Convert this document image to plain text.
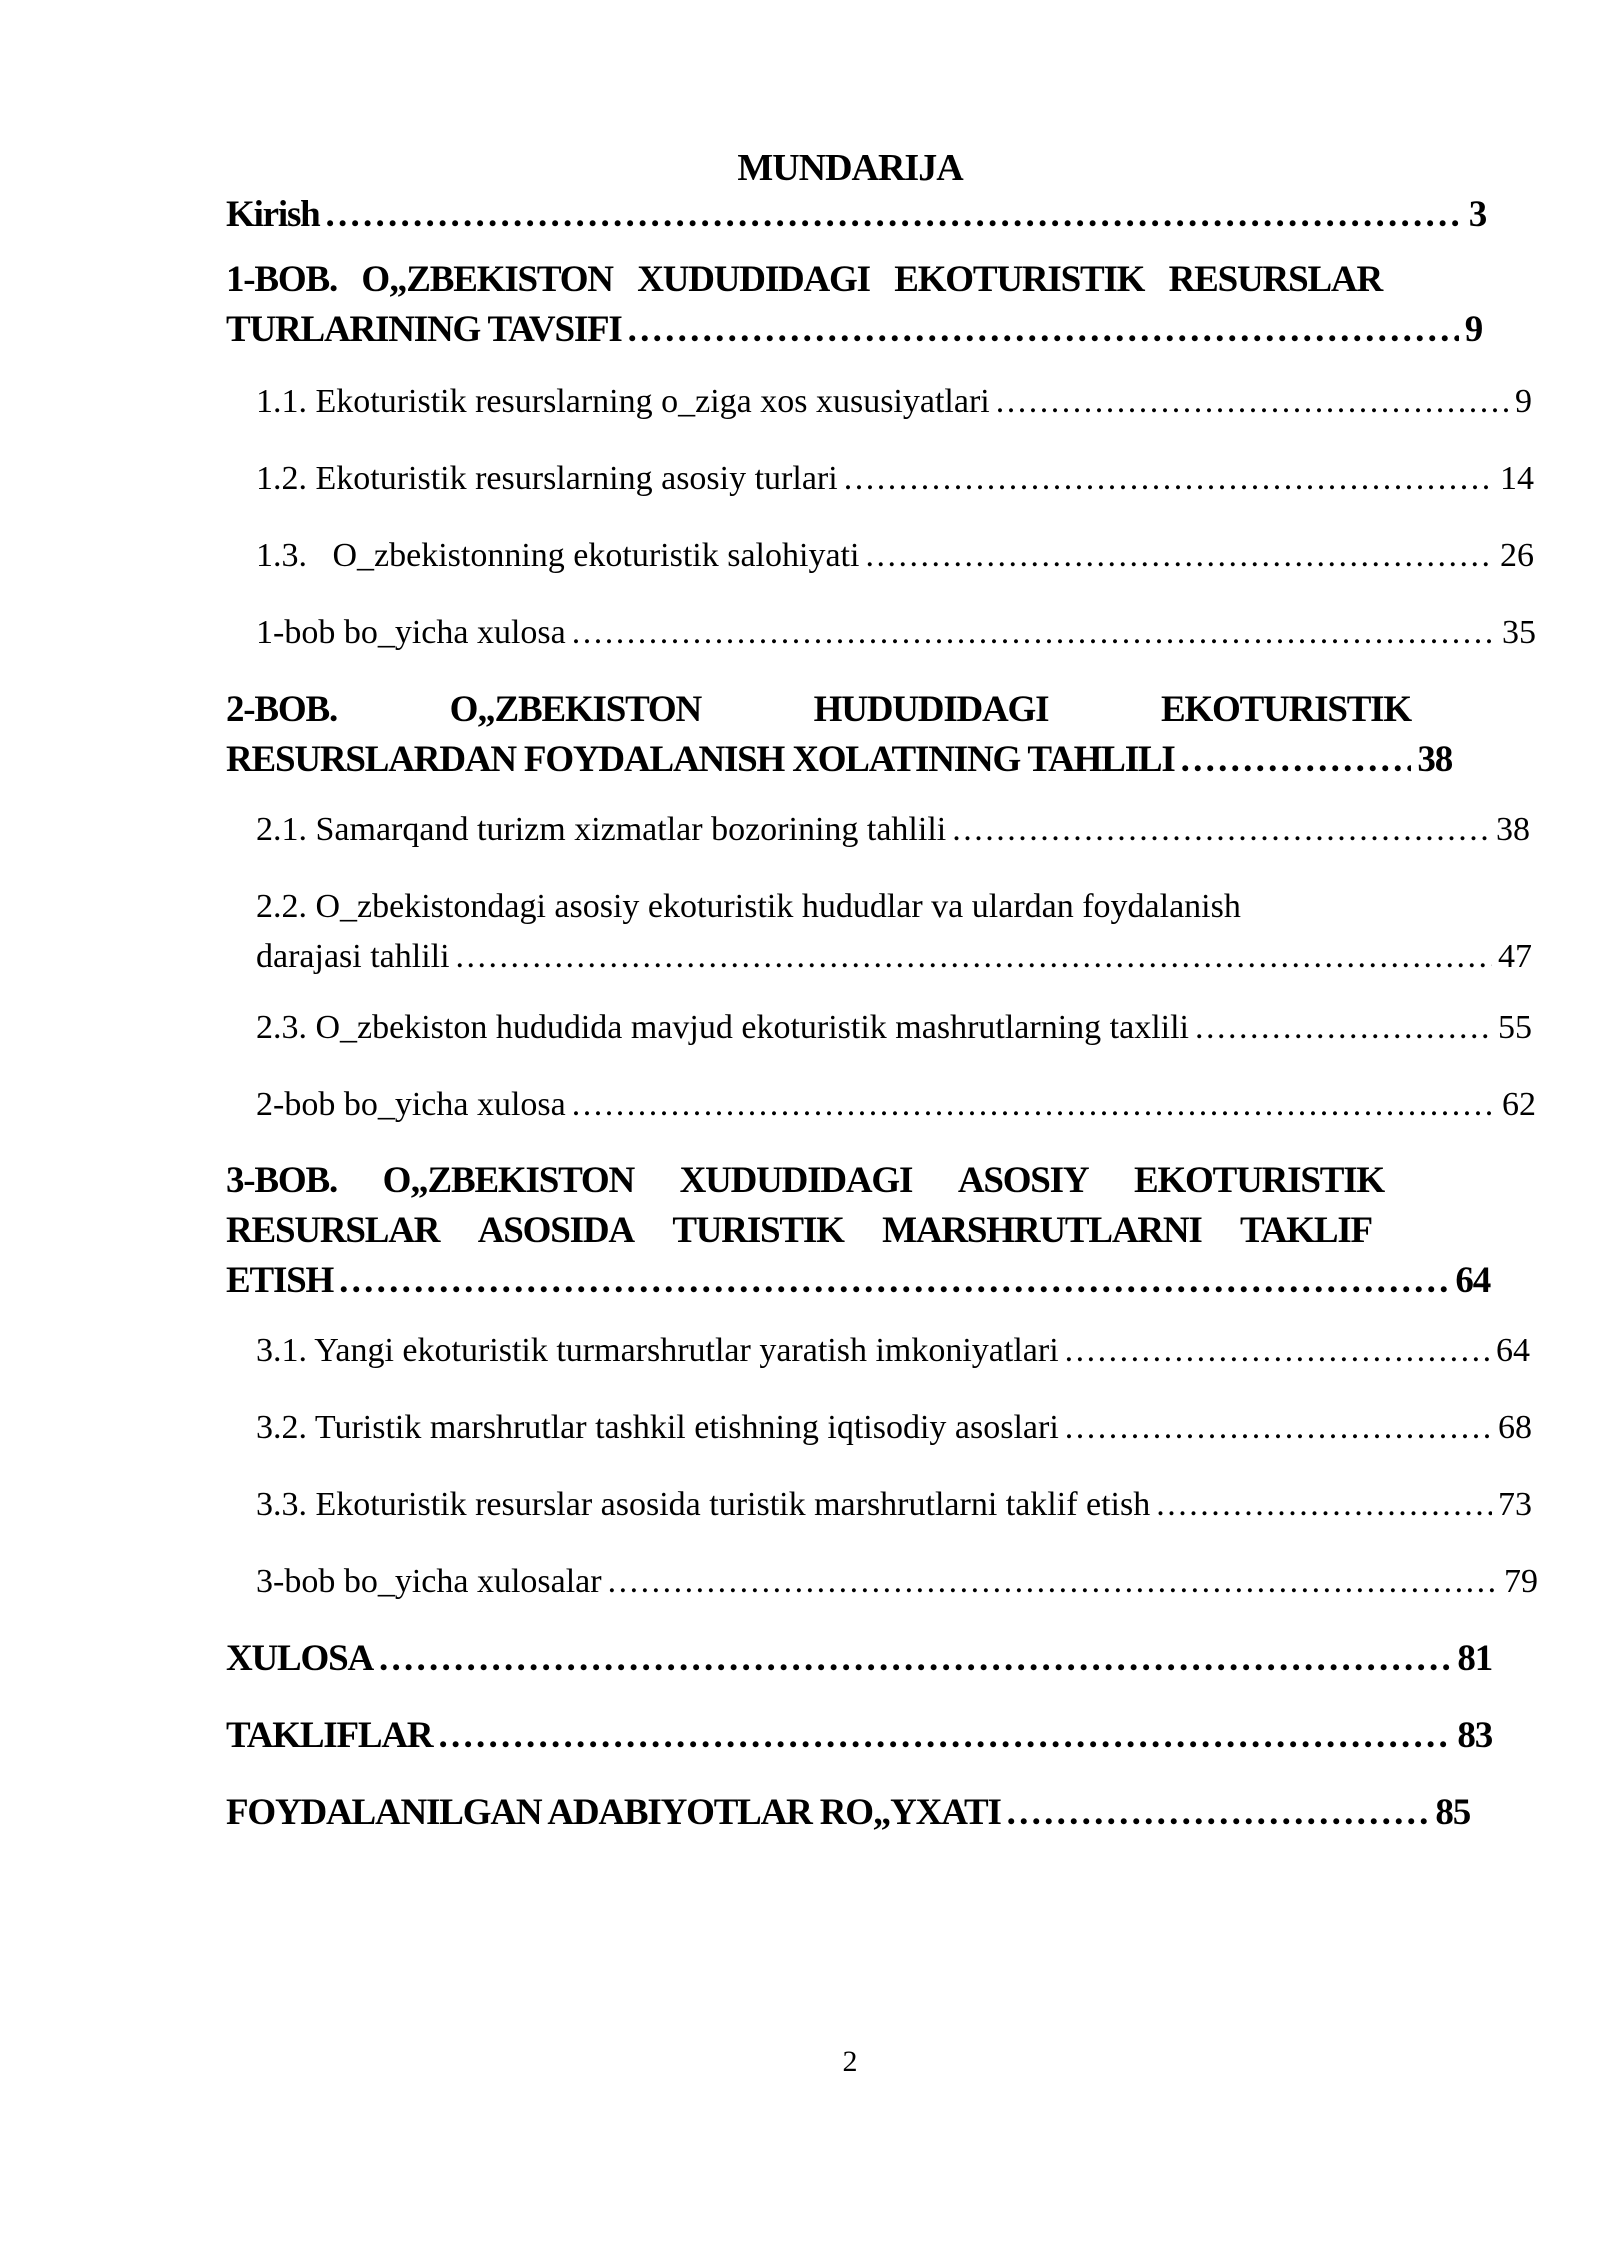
MUNDARIJA
Kirish . . .	3
1-BOB. O„ZBEKISTON XUDUDIDAGI EKOTURISTIK RESURSLAR
TURLARINING TAVSIFI . . .	9
1.1. Ekoturistik resurslarning o_ziga xos xususiyatlari . . .	9
1.2. Ekoturistik resurslarning asosiy turlari . . .	14
1.3.   O_zbekistonning ekoturistik salohiyati . . .	26
1-bob bo_yicha xulosa . . .	35
2-BOB.	O„ZBEKISTON	HUDUDIDAGI	EKOTURISTIK
RESURSLARDAN FOYDALANISH XOLATINING TAHLILI . . .	38
2.1. Samarqand turizm xizmatlar bozorining tahlili . . .	38
2.2. O_zbekistondagi asosiy ekoturistik hududlar va ulardan foydalanish
darajasi tahlili . . .	47
2.3. O_zbekiston hududida mavjud ekoturistik mashrutlarning taxlili . . .	55
2-bob bo_yicha xulosa . . .	62
3-BOB. O„ZBEKISTON XUDUDIDAGI ASOSIY EKOTURISTIK
RESURSLAR ASOSIDA TURISTIK MARSHRUTLARNI TAKLIF
ETISH . . .	64
3.1. Yangi ekoturistik turmarshrutlar yaratish imkoniyatlari . . .	64
3.2. Turistik marshrutlar tashkil etishning iqtisodiy asoslari . . .	68
3.3. Ekoturistik resurslar asosida turistik marshrutlarni taklif etish . . .	73
3-bob bo_yicha xulosalar . . .	79
XULOSA . . .	81
TAKLIFLAR . . .	83
FOYDALANILGAN ADABIYOTLAR RO„YXATI . . .	85
2
